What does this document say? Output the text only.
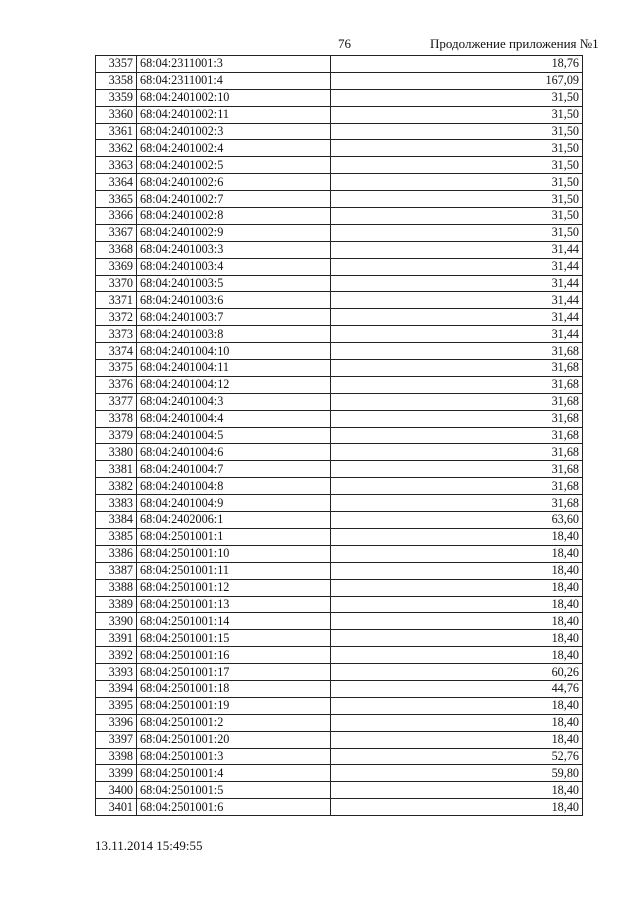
76	Продолжение приложения №1
3357	68:04:2311001:3	18,76
3358	68:04:2311001:4	167,09
3359	68:04:2401002:10	31,50
3360	68:04:2401002:11	31,50
3361	68:04:2401002:3	31,50
3362	68:04:2401002:4	31,50
3363	68:04:2401002:5	31,50
3364	68:04:2401002:6	31,50
3365	68:04:2401002:7	31,50
3366	68:04:2401002:8	31,50
3367	68:04:2401002:9	31,50
3368	68:04:2401003:3	31,44
3369	68:04:2401003:4	31,44
3370	68:04:2401003:5	31,44
3371	68:04:2401003:6	31,44
3372	68:04:2401003:7	31,44
3373	68:04:2401003:8	31,44
3374	68:04:2401004:10	31,68
3375	68:04:2401004:11	31,68
3376	68:04:2401004:12	31,68
3377	68:04:2401004:3	31,68
3378	68:04:2401004:4	31,68
3379	68:04:2401004:5	31,68
3380	68:04:2401004:6	31,68
3381	68:04:2401004:7	31,68
3382	68:04:2401004:8	31,68
3383	68:04:2401004:9	31,68
3384	68:04:2402006:1	63,60
3385	68:04:2501001:1	18,40
3386	68:04:2501001:10	18,40
3387	68:04:2501001:11	18,40
3388	68:04:2501001:12	18,40
3389	68:04:2501001:13	18,40
3390	68:04:2501001:14	18,40
3391	68:04:2501001:15	18,40
3392	68:04:2501001:16	18,40
3393	68:04:2501001:17	60,26
3394	68:04:2501001:18	44,76
3395	68:04:2501001:19	18,40
3396	68:04:2501001:2	18,40
3397	68:04:2501001:20	18,40
3398	68:04:2501001:3	52,76
3399	68:04:2501001:4	59,80
3400	68:04:2501001:5	18,40
3401	68:04:2501001:6	18,40
13.11.2014 15:49:55
